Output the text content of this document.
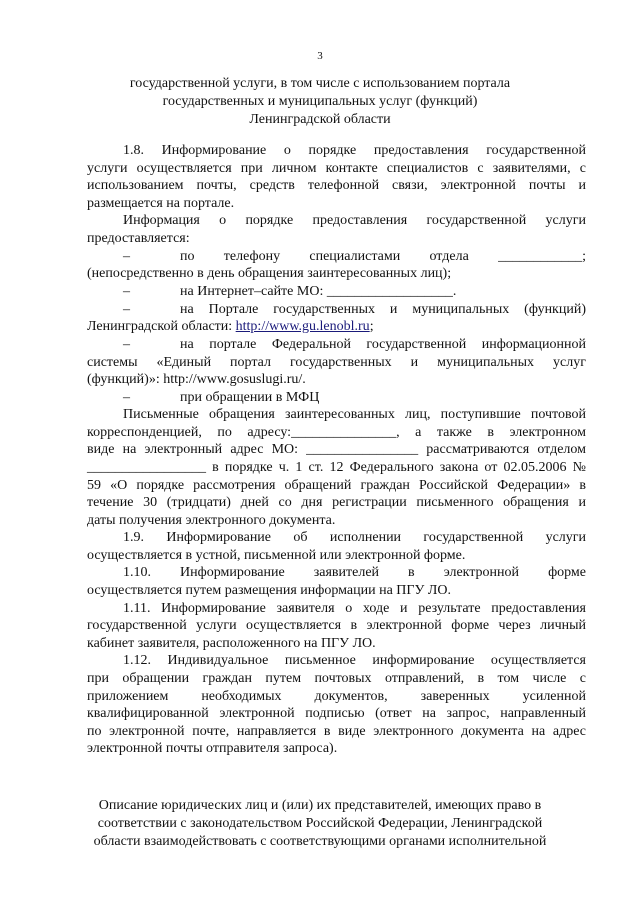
3
государственной услуги, в том числе с использованием портала
государственных и муниципальных услуг (функций)
Ленинградской области
1.8. Информирование о порядке предоставления государственной
услуги осуществляется при личном контакте специалистов с заявителями, с
использованием почты, средств телефонной связи, электронной почты и
размещается на портале.
Информация о порядке предоставления государственной услуги
предоставляется:
–	по телефону специалистами отдела ____________;
(непосредственно в день обращения заинтересованных лиц);
–	на Интернет–сайте МО: __________________.
–	на Портале государственных и муниципальных (функций)
Ленинградской области: http://www.gu.lenobl.ru;
–	на портале Федеральной государственной информационной
системы «Единый портал государственных и муниципальных услуг
(функций)»: http://www.gosuslugi.ru/.
–	при обращении в МФЦ
Письменные обращения заинтересованных лиц, поступившие почтовой
корреспонденцией, по адресу:_______________, а также в электронном
виде на электронный адрес МО: ________________ рассматриваются отделом
_________________ в порядке ч. 1 ст. 12 Федерального закона от 02.05.2006 №
59 «О порядке рассмотрения обращений граждан Российской Федерации» в
течение 30 (тридцати) дней со дня регистрации письменного обращения и
даты получения электронного документа.
1.9. Информирование об исполнении государственной услуги
осуществляется в устной, письменной или электронной форме.
1.10. Информирование заявителей в электронной форме
осуществляется путем размещения информации на ПГУ ЛО.
1.11. Информирование заявителя о ходе и результате предоставления
государственной услуги осуществляется в электронной форме через личный
кабинет заявителя, расположенного на ПГУ ЛО.
1.12. Индивидуальное письменное информирование осуществляется
при обращении граждан путем почтовых отправлений, в том числе с
приложением необходимых документов, заверенных усиленной
квалифицированной электронной подписью (ответ на запрос, направленный
по электронной почте, направляется в виде электронного документа на адрес
электронной почты отправителя запроса).
Описание юридических лиц и (или) их представителей, имеющих право в
соответствии с законодательством Российской Федерации, Ленинградской
области взаимодействовать с соответствующими органами исполнительной
